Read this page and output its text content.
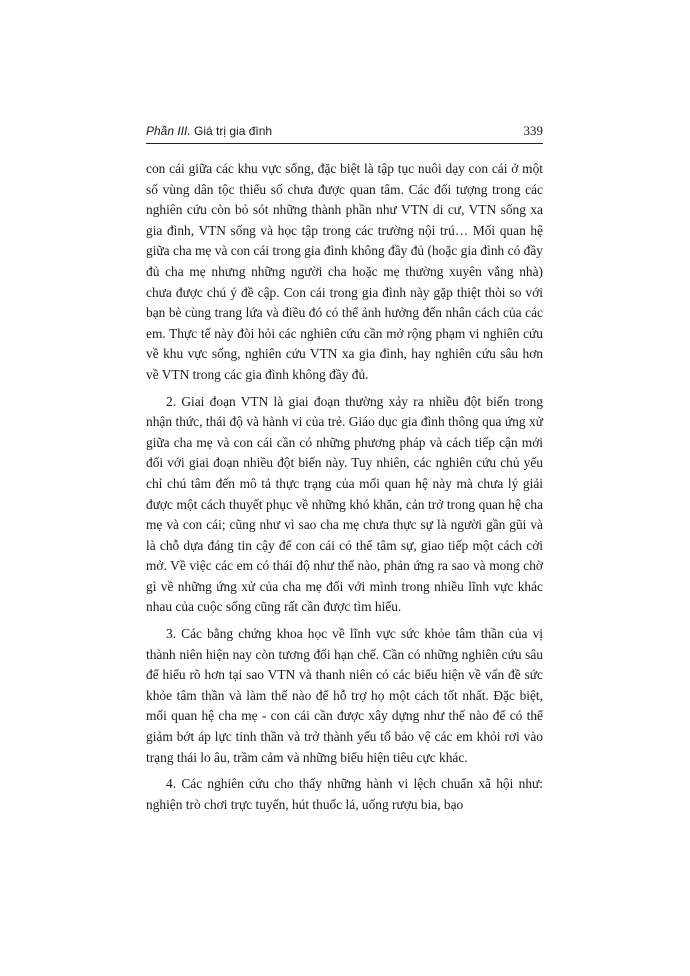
Phần III. Giá trị gia đình	339

con cái giữa các khu vực sống, đặc biệt là tập tục nuôi dạy con cái ở một số vùng dân tộc thiểu số chưa được quan tâm. Các đối tượng trong các nghiên cứu còn bỏ sót những thành phần như VTN di cư, VTN sống xa gia đình, VTN sống và học tập trong các trường nội trú… Mối quan hệ giữa cha mẹ và con cái trong gia đình không đầy đủ (hoặc gia đình có đầy đủ cha mẹ nhưng những người cha hoặc mẹ thường xuyên vắng nhà) chưa được chú ý đề cập. Con cái trong gia đình này gặp thiệt thòi so với bạn bè cùng trang lứa và điều đó có thể ảnh hưởng đến nhân cách của các em. Thực tế này đòi hỏi các nghiên cứu cần mở rộng phạm vi nghiên cứu về khu vực sống, nghiên cứu VTN xa gia đình, hay nghiên cứu sâu hơn về VTN trong các gia đình không đầy đủ.

2. Giai đoạn VTN là giai đoạn thường xảy ra nhiều đột biến trong nhận thức, thái độ và hành vi của trẻ. Giáo dục gia đình thông qua ứng xử giữa cha mẹ và con cái cần có những phương pháp và cách tiếp cận mới đối với giai đoạn nhiều đột biến này. Tuy nhiên, các nghiên cứu chủ yếu chỉ chú tâm đến mô tả thực trạng của mối quan hệ này mà chưa lý giải được một cách thuyết phục về những khó khăn, cản trở trong quan hệ cha mẹ và con cái; cũng như vì sao cha mẹ chưa thực sự là người gần gũi và là chỗ dựa đáng tin cậy để con cái có thể tâm sự, giao tiếp một cách cởi mở. Về việc các em có thái độ như thế nào, phản ứng ra sao và mong chờ gì về những ứng xử của cha mẹ đối với mình trong nhiều lĩnh vực khác nhau của cuộc sống cũng rất cần được tìm hiểu.

3. Các bằng chứng khoa học về lĩnh vực sức khỏe tâm thần của vị thành niên hiện nay còn tương đối hạn chế. Cần có những nghiên cứu sâu để hiểu rõ hơn tại sao VTN và thanh niên có các biểu hiện về vấn đề sức khỏe tâm thần và làm thế nào để hỗ trợ họ một cách tốt nhất. Đặc biệt, mối quan hệ cha mẹ - con cái cần được xây dựng như thế nào để có thể giảm bớt áp lực tinh thần và trở thành yếu tố bảo vệ các em khỏi rơi vào trạng thái lo âu, trầm cảm và những biểu hiện tiêu cực khác.

4. Các nghiên cứu cho thấy những hành vi lệch chuẩn xã hội như: nghiện trò chơi trực tuyến, hút thuốc lá, uống rượu bia, bạo
